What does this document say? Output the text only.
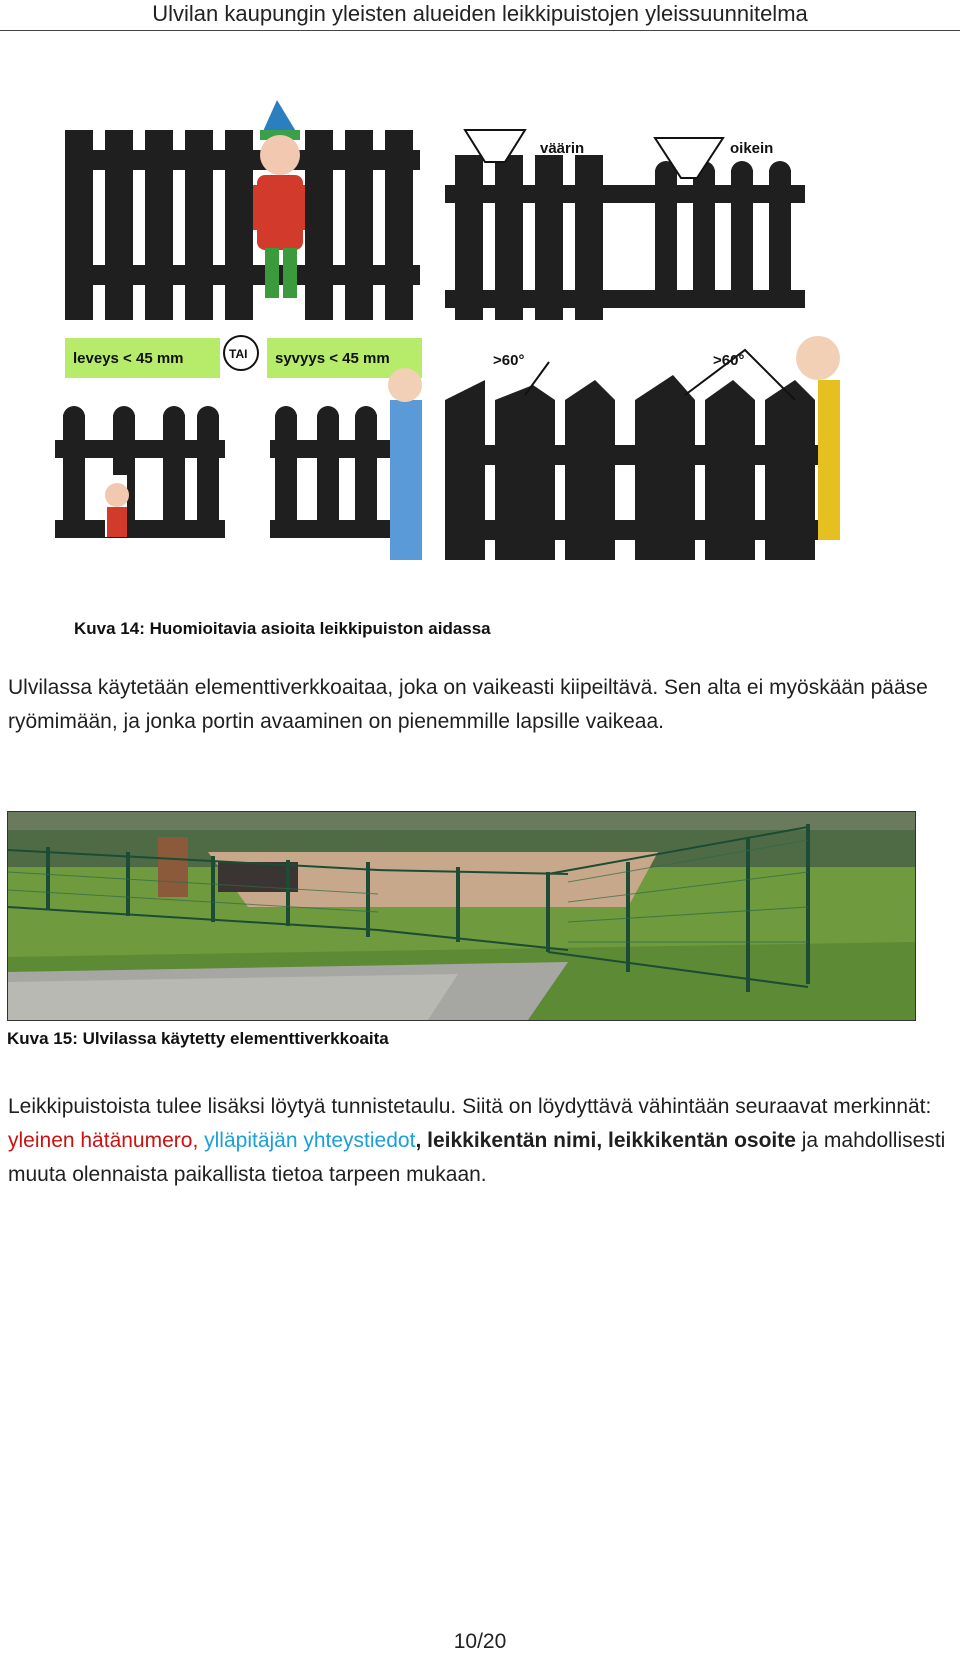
Ulvilan kaupungin yleisten alueiden leikkipuistojen yleissuunnitelma
väärin	oikein
leveys < 45 mm	TAI syvyys < 45 mm	>60°	>60°
Kuva 14: Huomioitavia asioita leikkipuiston aidassa

Ulvilassa käytetään elementtiverkkoaitaa, joka on vaikeasti kiipeiltävä. Sen alta ei myöskään pääse ryömimään, ja jonka portin avaaminen on pienemmille lapsille vaikeaa.

Kuva 15: Ulvilassa käytetty elementtiverkkoaita

Leikkipuistoista tulee lisäksi löytyä tunnistetaulu. Siitä on löydyttävä vähintään seuraavat merkinnät: yleinen hätänumero, ylläpitäjän yhteystiedot, leikkikentän nimi, leikkikentän osoite ja mahdollisesti muuta olennaista paikallista tietoa tarpeen mukaan.

10/20
